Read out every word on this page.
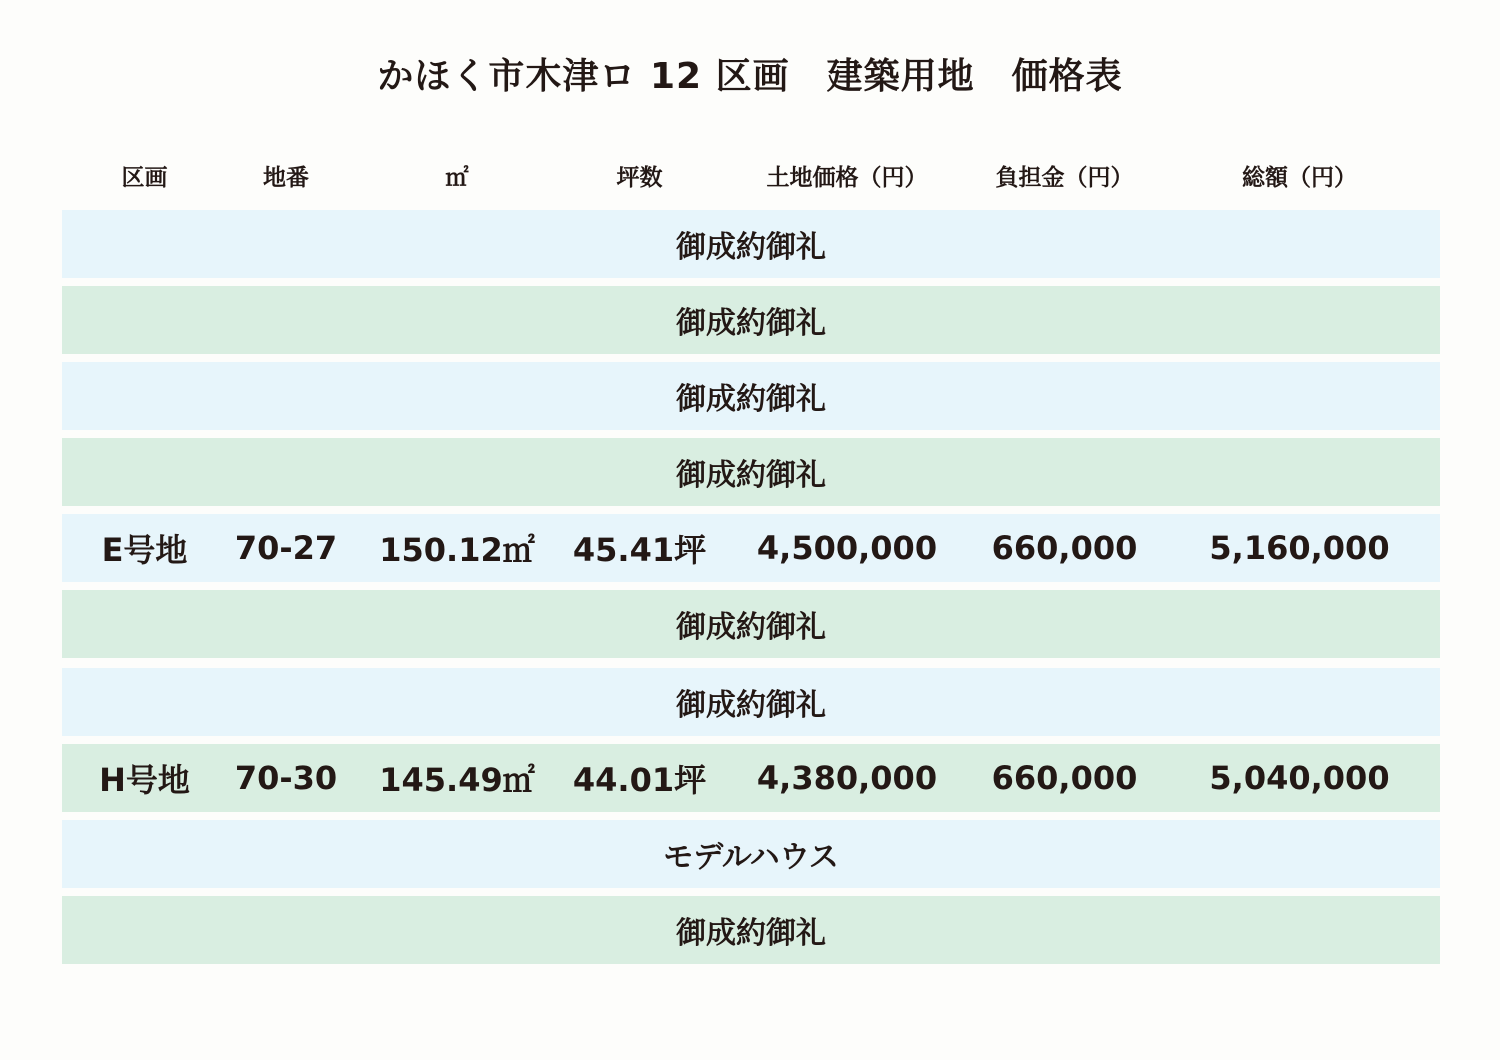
かほく市木津ロ 12 区画　建築用地　価格表
区画	地番	㎡	坪数	土地価格（円）	負担金（円）	総額（円）
御成約御礼
御成約御礼
御成約御礼
御成約御礼
E号地	70-27	150.12㎡	45.41坪	4,500,000	660,000	5,160,000
御成約御礼
御成約御礼
H号地	70-30	145.49㎡	44.01坪	4,380,000	660,000	5,040,000
モデルハウス
御成約御礼
